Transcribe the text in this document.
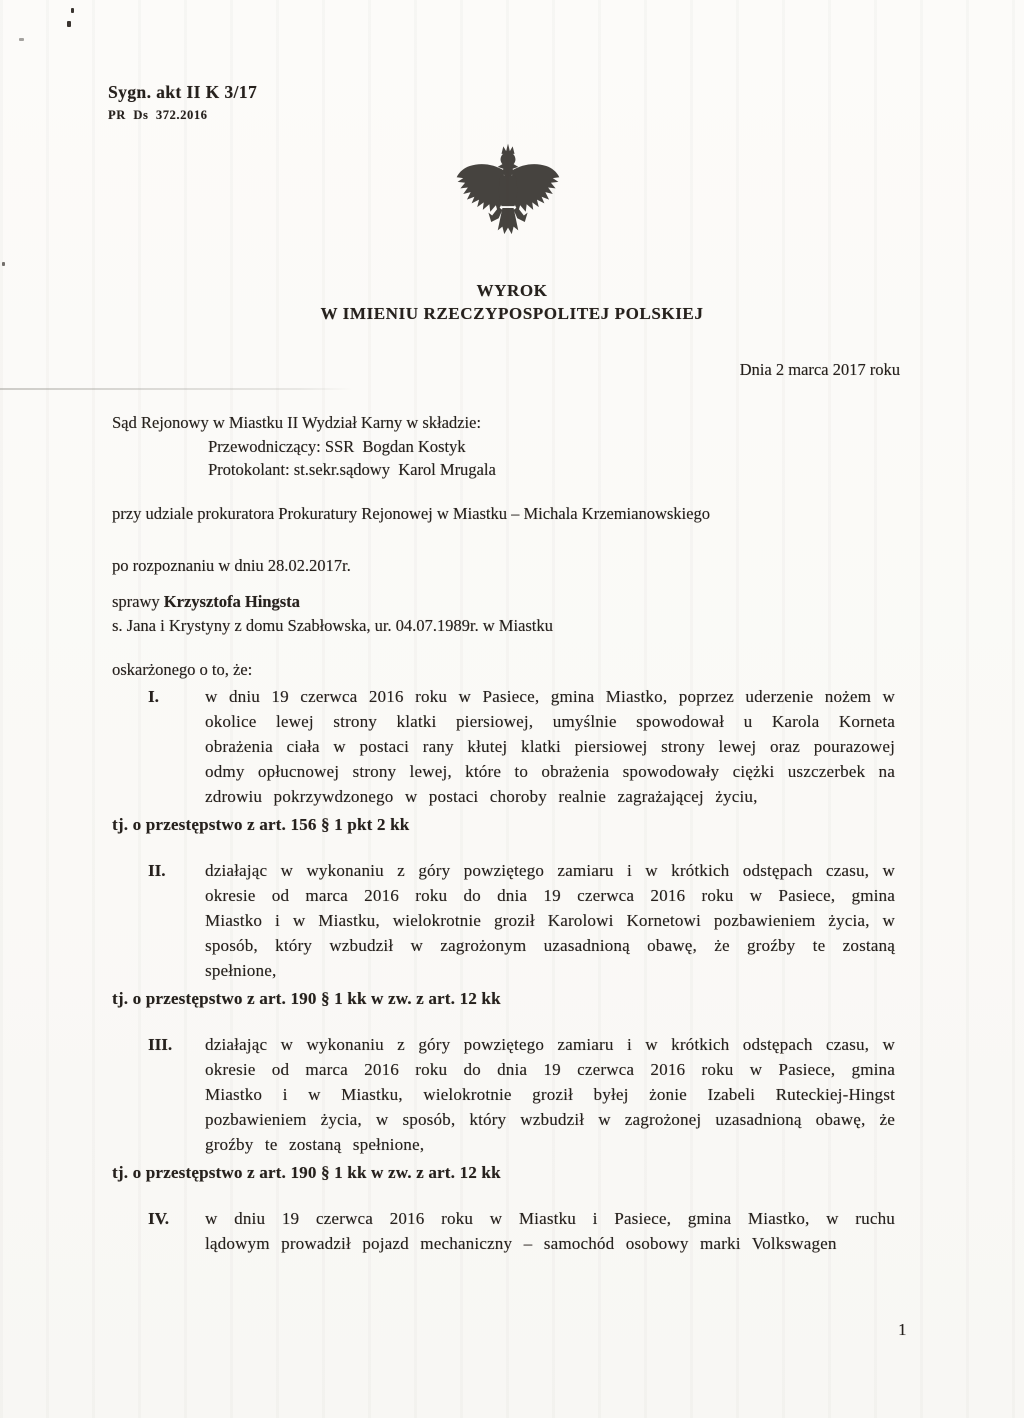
Sygn. akt II K 3/17
PR  Ds  372.2016
WYROK
W IMIENIU RZECZYPOSPOLITEJ POLSKIEJ
Dnia 2 marca 2017 roku
Sąd Rejonowy w Miastku II Wydział Karny w składzie:
Przewodniczący: SSR  Bogdan Kostyk
Protokolant: st.sekr.sądowy  Karol Mrugala
przy udziale prokuratora Prokuratury Rejonowej w Miastku – Michala Krzemianowskiego
po rozpoznaniu w dniu 28.02.2017r.
sprawy Krzysztofa Hingsta
s. Jana i Krystyny z domu Szabłowska, ur. 04.07.1989r. w Miastku
oskarżonego o to, że:
I.	w dniu 19 czerwca 2016 roku w Pasiece, gmina Miastko, poprzez uderzenie nożem w okolice lewej strony klatki piersiowej, umyślnie spowodował u Karola Korneta obrażenia ciała w postaci rany kłutej klatki piersiowej strony lewej oraz pourazowej odmy opłucnowej strony lewej, które to obrażenia spowodowały ciężki uszczerbek na zdrowiu pokrzywdzonego w postaci choroby realnie zagrażającej życiu,
tj. o przestępstwo z art. 156 § 1 pkt 2 kk
II.	działając w wykonaniu z góry powziętego zamiaru i w krótkich odstępach czasu, w okresie od marca 2016 roku do dnia 19 czerwca 2016 roku w Pasiece, gmina Miastko i w Miastku, wielokrotnie groził Karolowi Kornetowi pozbawieniem życia, w sposób, który wzbudził w zagrożonym uzasadnioną obawę, że groźby te zostaną spełnione,
tj. o przestępstwo z art. 190 § 1 kk w zw. z art. 12 kk
III.	działając w wykonaniu z góry powziętego zamiaru i w krótkich odstępach czasu, w okresie od marca 2016 roku do dnia 19 czerwca 2016 roku w Pasiece, gmina Miastko i w Miastku, wielokrotnie groził byłej żonie Izabeli Ruteckiej-Hingst pozbawieniem życia, w sposób, który wzbudził w zagrożonej uzasadnioną obawę, że groźby te zostaną spełnione,
tj. o przestępstwo z art. 190 § 1 kk w zw. z art. 12 kk
IV.	w dniu 19 czerwca 2016 roku w Miastku i Pasiece, gmina Miastko, w ruchu lądowym prowadził pojazd mechaniczny – samochód osobowy marki Volkswagen
1
